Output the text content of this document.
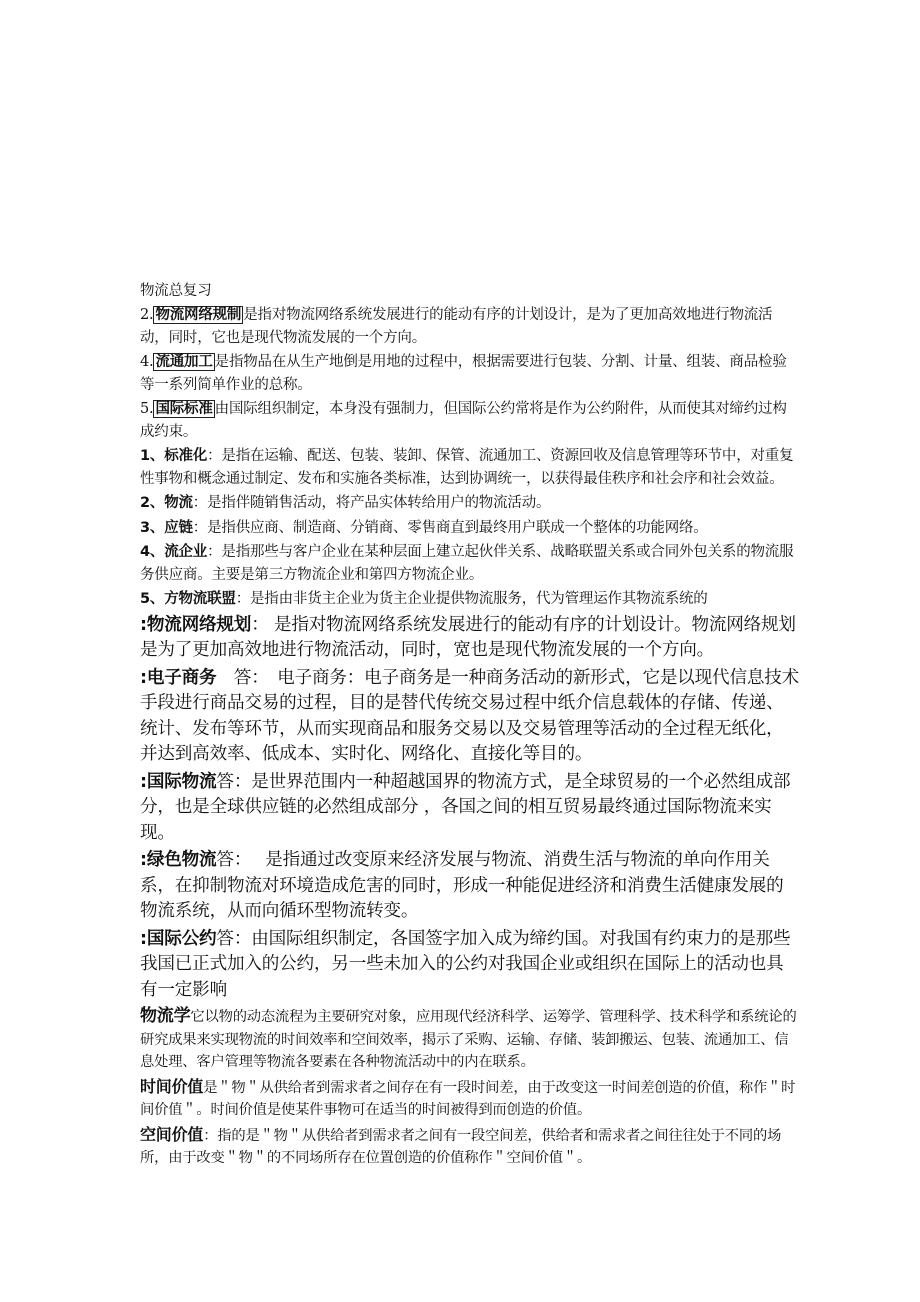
物流总复习

2. 物流网络规制 是指对物流网络系统发展进行的能动有序的计划设计，是为了更加高效地进行物流活动，同时，它也是现代物流发展的一个方向。

4. 流通加工 是指物品在从生产地倒是用地的过程中，根据需要进行包装、分割、计量、组装、商品检验等一系列简单作业的总称。

5. 国际标准 由国际组织制定，本身没有强制力，但国际公约常将是作为公约附件，从而使其对缔约过构成约束。

1、标准化：是指在运输、配送、包装、装卸、保管、流通加工、资源回收及信息管理等环节中，对重复性事物和概念通过制定、发布和实施各类标准，达到协调统一，以获得最佳秩序和社会序和社会效益。

2、物流：是指伴随销售活动，将产品实体转给用户的物流活动。

3、应链：是指供应商、制造商、分销商、零售商直到最终用户联成一个整体的功能网络。

4、流企业：是指那些与客户企业在某种层面上建立起伙伴关系、战略联盟关系或合同外包关系的物流服务供应商。主要是第三方物流企业和第四方物流企业。

5、方物流联盟：是指由非货主企业为货主企业提供物流服务，代为管理运作其物流系统的

:物流网络规划： 是指对物流网络系统发展进行的能动有序的计划设计。物流网络规划是为了更加高效地进行物流活动，同时，宽也是现代物流发展的一个方向。

:电子商务　答：　电子商务：电子商务是一种商务活动的新形式，它是以现代信息技术手段进行商品交易的过程，目的是替代传统交易过程中纸介信息载体的存储、传递、统计、发布等环节，从而实现商品和服务交易以及交易管理等活动的全过程无纸化，并达到高效率、低成本、实时化、网络化、直接化等目的。

:国际物流答：是世界范围内一种超越国界的物流方式，是全球贸易的一个必然组成部分，也是全球供应链的必然组成部分 ，各国之间的相互贸易最终通过国际物流来实现。

:绿色物流答：　 是指通过改变原来经济发展与物流、消费生活与物流的单向作用关系，在抑制物流对环境造成危害的同时，形成一种能促进经济和消费生活健康发展的物流系统，从而向循环型物流转变。

:国际公约答：由国际组织制定，各国签字加入成为缔约国。对我国有约束力的是那些我国已正式加入的公约，另一些未加入的公约对我国企业或组织在国际上的活动也具有一定影响

物流学它以物的动态流程为主要研究对象，应用现代经济科学、运筹学、管理科学、技术科学和系统论的研究成果来实现物流的时间效率和空间效率，揭示了采购、运输、存储、装卸搬运、包装、流通加工、信息处理、客户管理等物流各要素在各种物流活动中的内在联系。

时间价值是＂物＂从供给者到需求者之间存在有一段时间差，由于改变这一时间差创造的价值，称作＂时间价值＂。时间价值是使某件事物可在适当的时间被得到而创造的价值。

空间价值：指的是＂物＂从供给者到需求者之间有一段空间差，供给者和需求者之间往往处于不同的场所，由于改变＂物＂的不同场所存在位置创造的价值称作＂空间价值＂。
